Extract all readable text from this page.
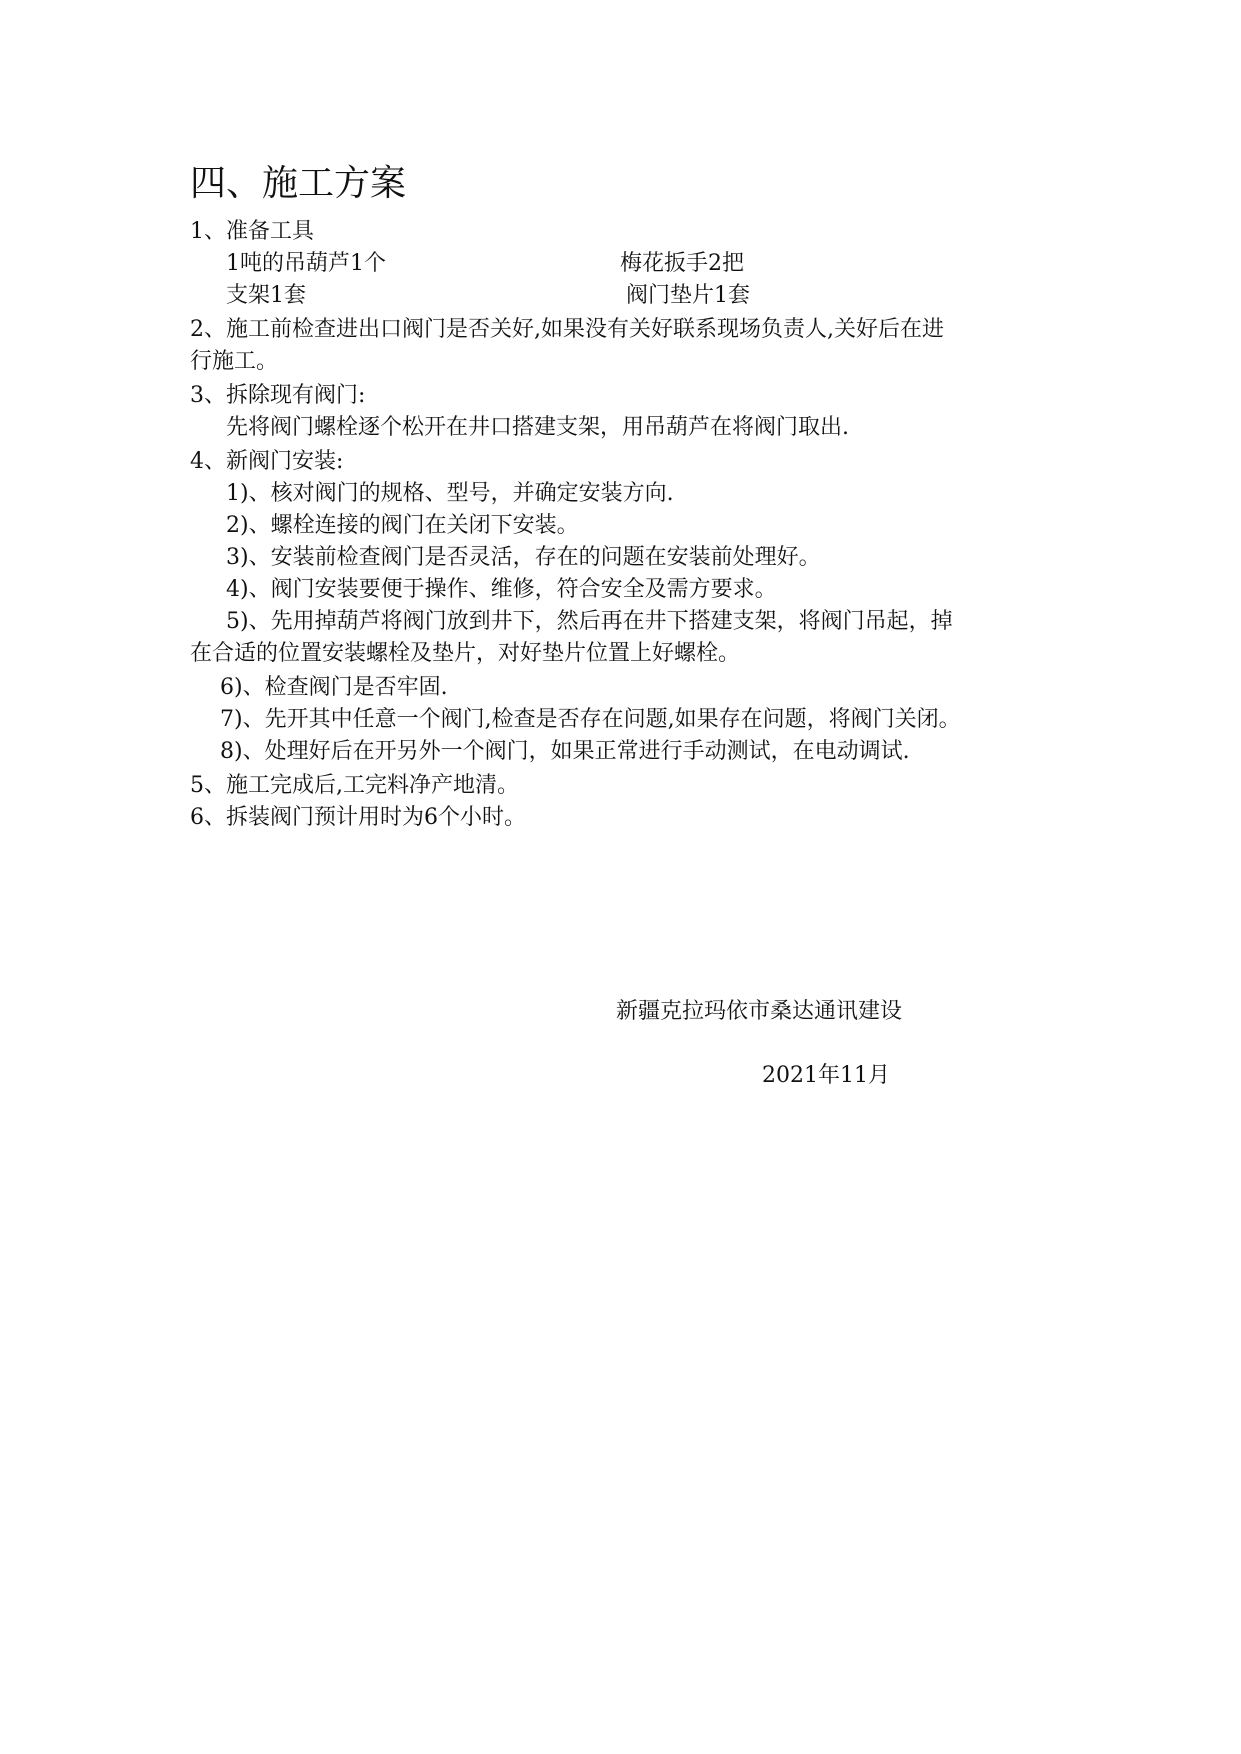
四、施工方案
1、准备工具
1吨的吊葫芦1个	梅花扳手2把
支架1套	阀门垫片1套
2、施工前检查进出口阀门是否关好,如果没有关好联系现场负责人,关好后在进
行施工。
3、拆除现有阀门:
先将阀门螺栓逐个松开在井口搭建支架，用吊葫芦在将阀门取出.
4、新阀门安装:
1)、核对阀门的规格、型号，并确定安装方向.
2)、螺栓连接的阀门在关闭下安装。
3)、安装前检查阀门是否灵活，存在的问题在安装前处理好。
4)、阀门安装要便于操作、维修，符合安全及需方要求。
5)、先用掉葫芦将阀门放到井下，然后再在井下搭建支架，将阀门吊起，掉
在合适的位置安装螺栓及垫片，对好垫片位置上好螺栓。
6)、检查阀门是否牢固.
7)、先开其中任意一个阀门,检查是否存在问题,如果存在问题，将阀门关闭。
8)、处理好后在开另外一个阀门，如果正常进行手动测试，在电动调试.
5、施工完成后,工完料净产地清。
6、拆装阀门预计用时为6个小时。
新疆克拉玛依市桑达通讯建设
2021年11月
